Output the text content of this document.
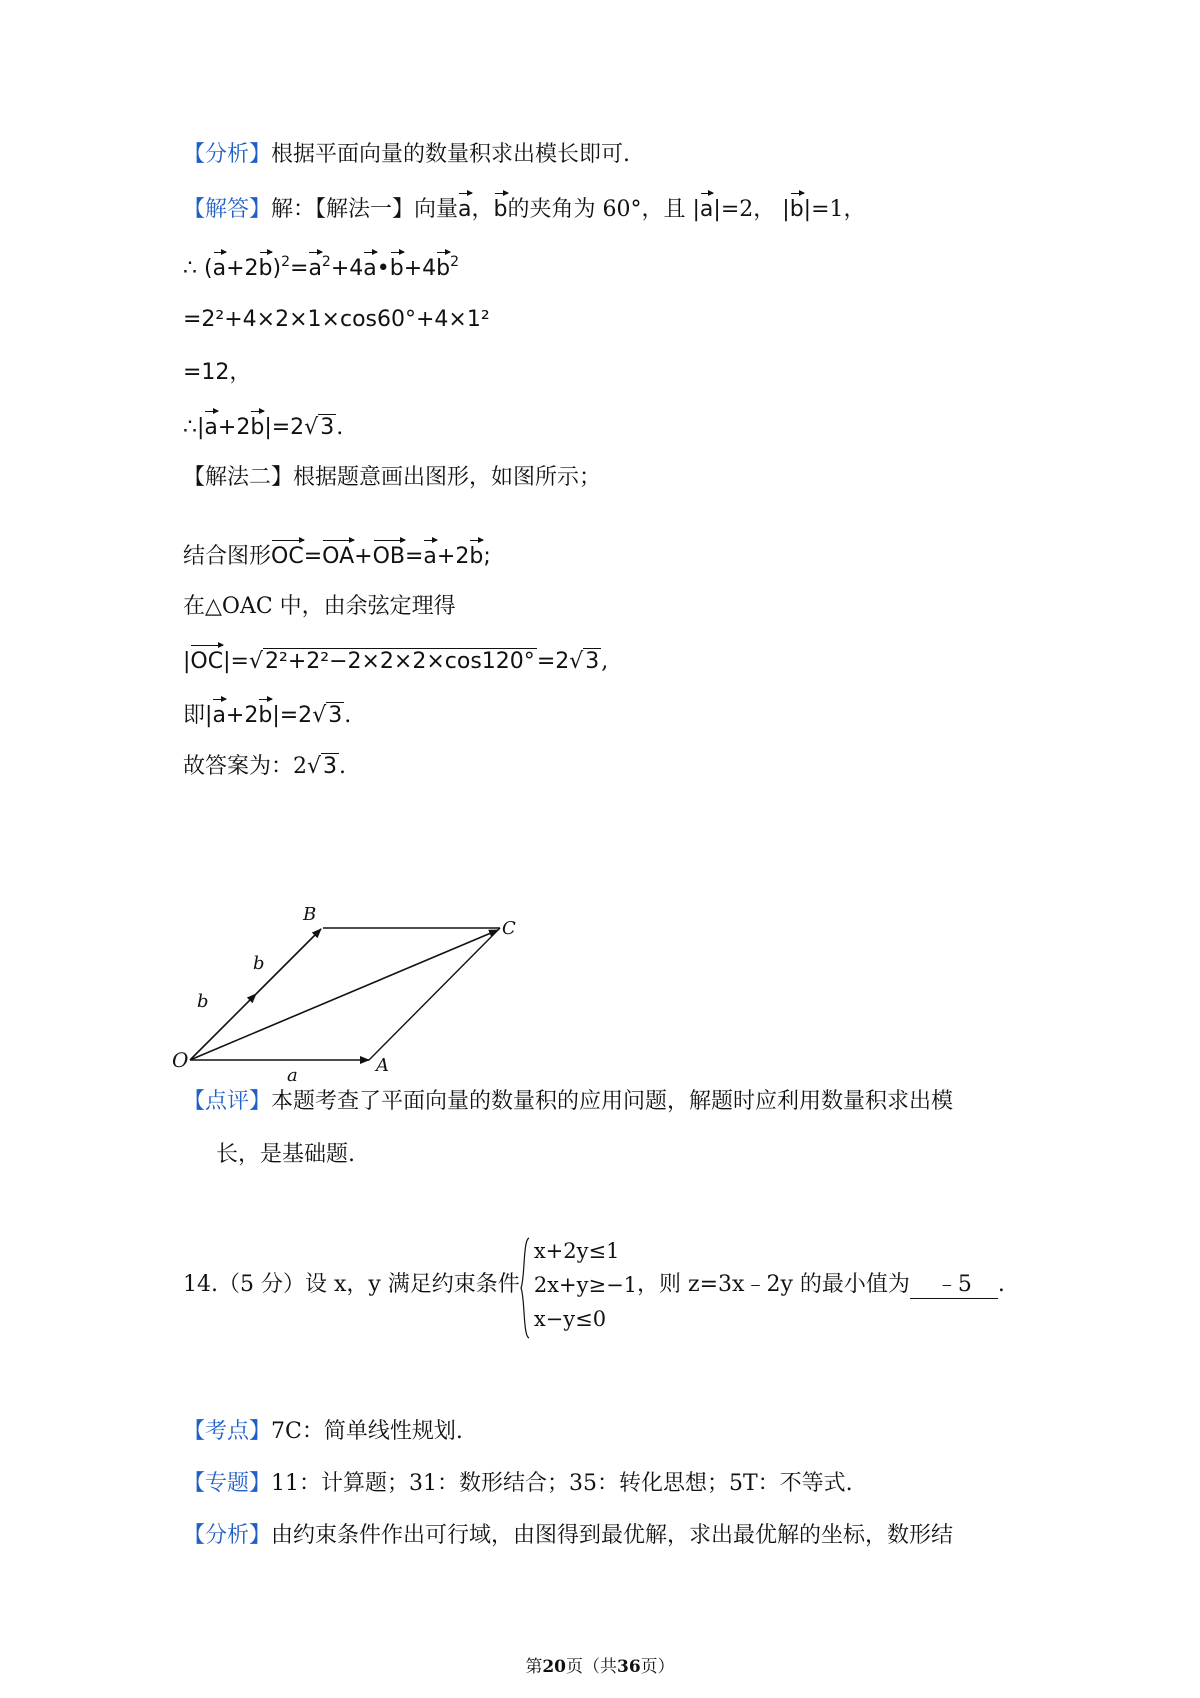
【分析】根据平面向量的数量积求出模长即可.
【解答】解：【解法一】向量a，b的夹角为 60°，且 |a|=2， |b|=1，
∴ $(a+2b)^2=a^2+4a•b+4b^2$
=2²+4×2×1×cos60°+4×1²
=12，
∴|a+2b|=2√3.
【解法二】根据题意画出图形，如图所示；
结合图形OC=OA+OB=a+2b;
在△OAC 中，由余弦定理得
|OC|=√2²+2²−2×2×2×cos120°=2√3,
即|a+2b|=2√3.
故答案为：2√3.
O	A
B
C
a
b
b
【点评】本题考查了平面向量的数量积的应用问题，解题时应利用数量积求出模
长，是基础题.
14.（5 分）设 x，y 满足约束条件
x+2y≤1
2x+y≥−1
x−y≤0
，则 z=3x﹣2y 的最小值为 ﹣5 .
【考点】7C：简单线性规划.
【专题】11：计算题；31：数形结合；35：转化思想；5T：不等式.
【分析】由约束条件作出可行域，由图得到最优解，求出最优解的坐标，数形结
第20页（共36页）
